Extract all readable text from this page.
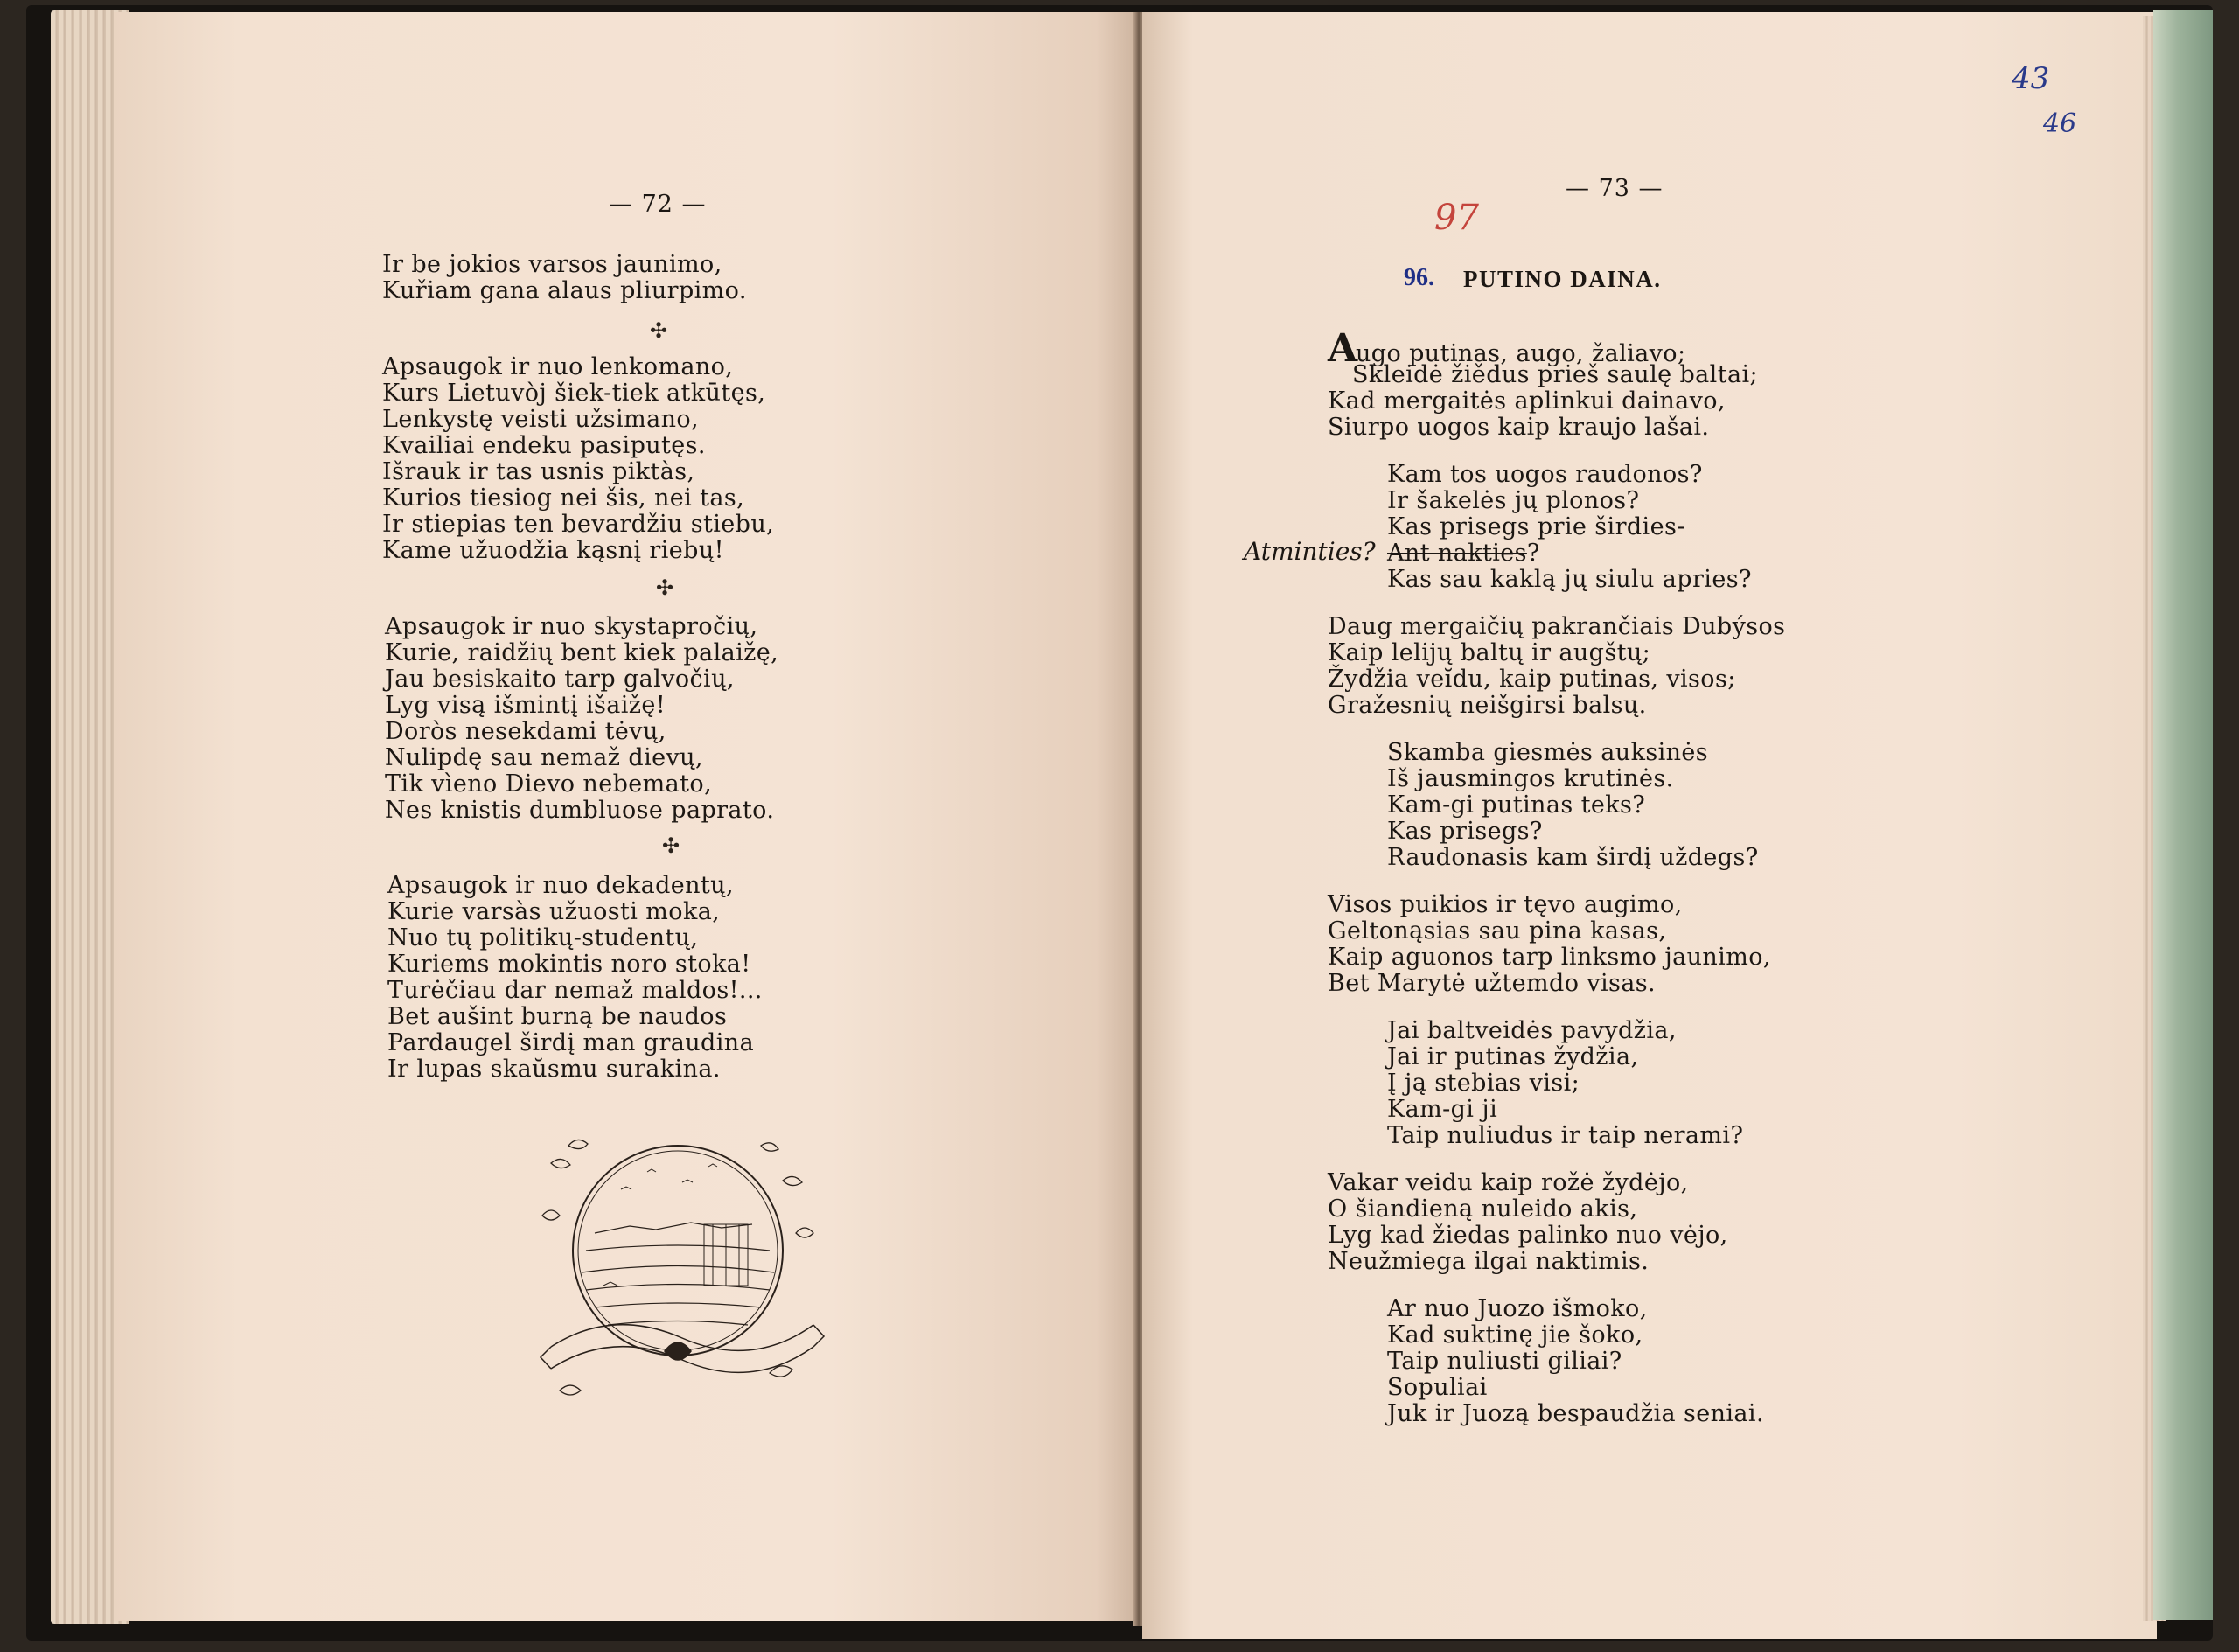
— 72 —
Ir be jokios varsos jaunimo,
Kuřiam gana alaus pliurpimo.
✣
Apsaugok ir nuo lenkomano,
Kurs Lietuvòj šiek-tiek atkūtęs,
Lenkystę veisti užsimano,
Kvailiai endeku pasiputęs.
Išrauk ir tas usnis piktàs,
Kurios tiesiog nei šis, nei tas,
Ir stiepias ten bevardžiu stiebu,
Kame užuodžia kąsnį riebų!
✣
Apsaugok ir nuo skystapročių,
Kurie, raidžių bent kiek palaižę,
Jau besiskaito tarp galvočių,
Lyg visą išmintį išaižę!
Doròs nesekdami tėvų,
Nulipdę sau nemaž dievų,
Tik vìeno Dievo nebemato,
Nes knistis dumbluose paprato.
✣
Apsaugok ir nuo dekadentų,
Kurie varsàs užuosti moka,
Nuo tų politikų-studentų,
Kuriems mokintis noro stoka!
Turėčiau dar nemaž maldos!...
Bet aušint burną be naudos
Pardaugel širdį man graudina
Ir lupas skaŭsmu surakina.
— 73 —
43
46
97
96. PUTINO DAINA.
Atminties?
Augo putinas, augo, žaliavo;
Skleidė žiědus prieš saulę baltai;
Kad mergaitės aplinkui dainavo,
Siurpo uogos kaip kraujo lašai.
Kam tos uogos raudonos?
Ir šakelės jų plonos?
Kas prisegs prie širdies-
Ant nakties?
Kas sau kaklą jų siulu apries?
Daug mergaičių pakrančiais Dubýsos
Kaip lelijų baltų ir augštų;
Žydžia veĭdu, kaip putinas, visos;
Gražesnių neišgirsi balsų.
Skamba giesmės auksinės
Iš jausmingos krutinės.
Kam-gi putinas teks?
Kas prisegs?
Raudonasis kam širdį uždegs?
Visos puikios ir tęvo augimo,
Geltonąsias sau pina kasas,
Kaip aguonos tarp linksmo jaunimo,
Bet Marytė užtemdo visas.
Jai baltveidės pavydžia,
Jai ir putinas žydžia,
Į ją stebias visi;
Kam-gi ji
Taip nuliudus ir taip nerami?
Vakar veidu kaip rožė žydėjo,
O šiandieną nuleido akis,
Lyg kad žiedas palinko nuo vėjo,
Neužmiega ilgai naktimis.
Ar nuo Juozo išmoko,
Kad suktinę jie šoko,
Taip nuliusti giliai?
Sopuliai
Juk ir Juozą bespaudžia seniai.
